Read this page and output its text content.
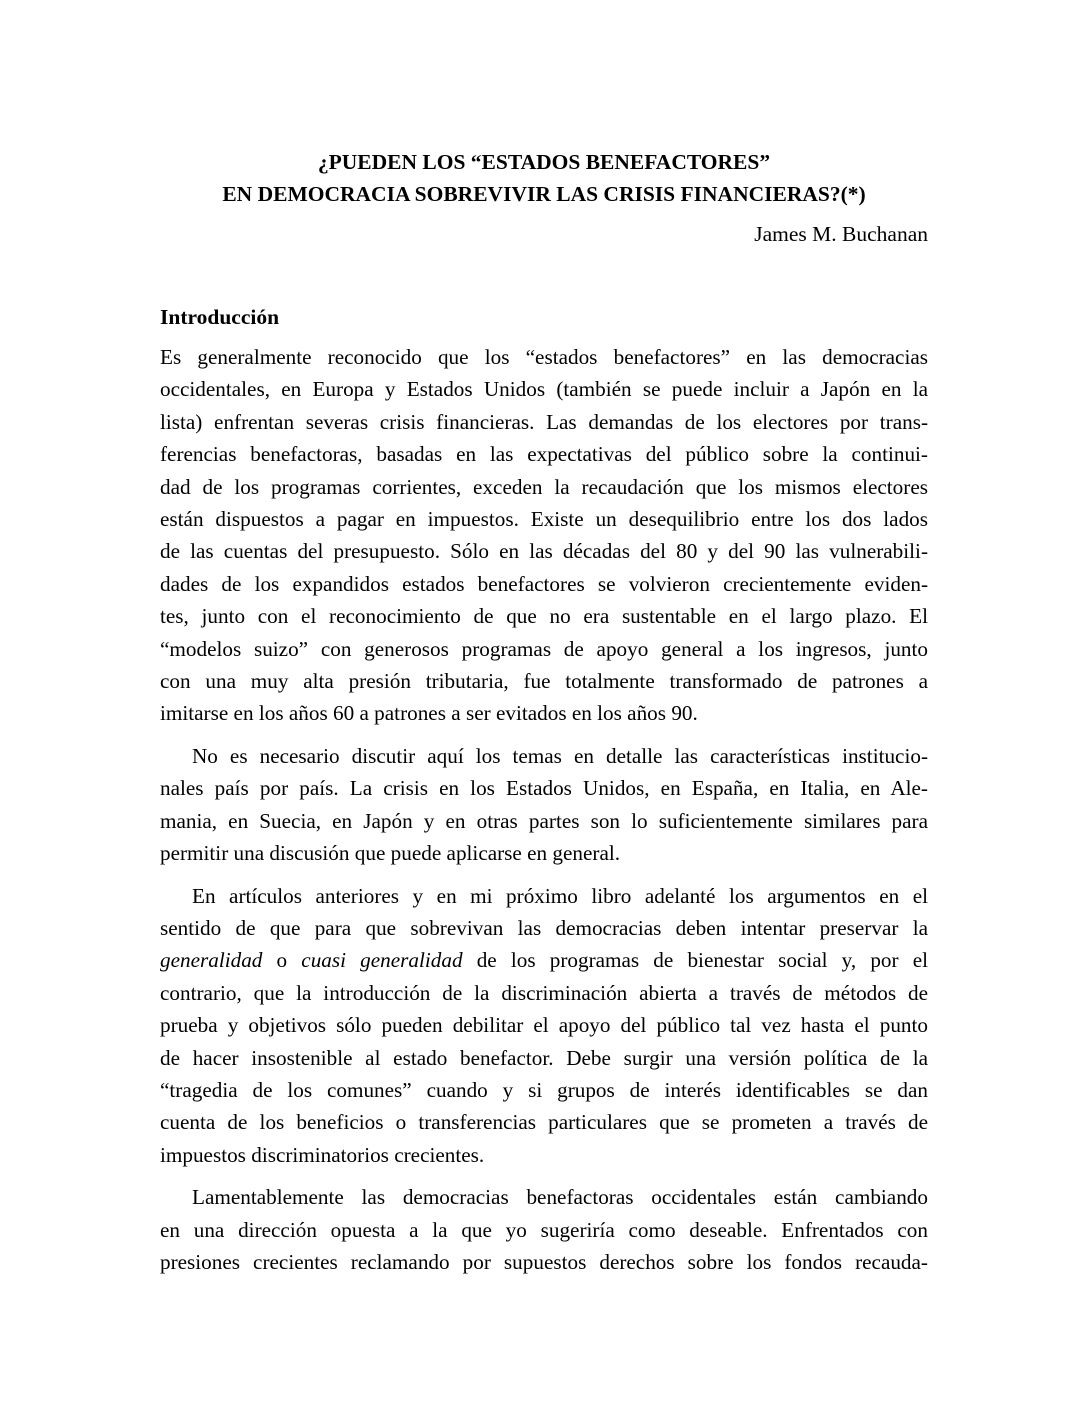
¿PUEDEN LOS “ESTADOS BENEFACTORES”
EN DEMOCRACIA SOBREVIVIR LAS CRISIS FINANCIERAS?(*)
James M. Buchanan
Introducción

Es generalmente reconocido que los “estados benefactores” en las democracias
occidentales, en Europa y Estados Unidos (también se puede incluir a Japón en la
lista) enfrentan severas crisis financieras. Las demandas de los electores por trans-
ferencias benefactoras, basadas en las expectativas del público sobre la continui-
dad de los programas corrientes, exceden la recaudación que los mismos electores
están dispuestos a pagar en impuestos. Existe un desequilibrio entre los dos lados
de las cuentas del presupuesto. Sólo en las décadas del 80 y del 90 las vulnerabili-
dades de los expandidos estados benefactores se volvieron crecientemente eviden-
tes, junto con el reconocimiento de que no era sustentable en el largo plazo. El
“modelos suizo” con generosos programas de apoyo general a los ingresos, junto
con una muy alta presión tributaria, fue totalmente transformado de patrones a
imitarse en los años 60 a patrones a ser evitados en los años 90.

No es necesario discutir aquí los temas en detalle las características institucio-
nales país por país. La crisis en los Estados Unidos, en España, en Italia, en Ale-
mania, en Suecia, en Japón y en otras partes son lo suficientemente similares para
permitir una discusión que puede aplicarse en general.

En artículos anteriores y en mi próximo libro adelanté los argumentos en el
sentido de que para que sobrevivan las democracias deben intentar preservar la
generalidad o cuasi generalidad de los programas de bienestar social y, por el
contrario, que la introducción de la discriminación abierta a través de métodos de
prueba y objetivos sólo pueden debilitar el apoyo del público tal vez hasta el punto
de hacer insostenible al estado benefactor. Debe surgir una versión política de la
“tragedia de los comunes” cuando y si grupos de interés identificables se dan
cuenta de los beneficios o transferencias particulares que se prometen a través de
impuestos discriminatorios crecientes.

Lamentablemente las democracias benefactoras occidentales están cambiando
en una dirección opuesta a la que yo sugeriría como deseable. Enfrentados con
presiones crecientes reclamando por supuestos derechos sobre los fondos recauda-
